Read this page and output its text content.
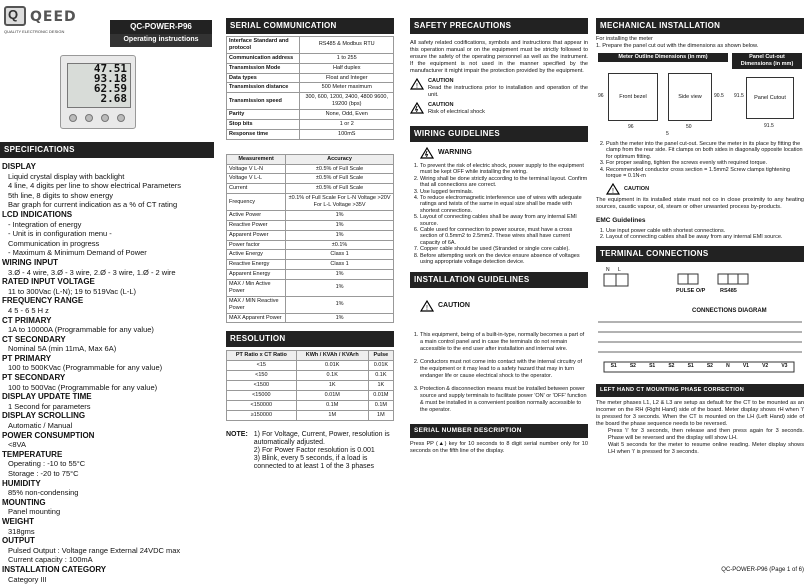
Q QEED
QUALITY ELECTRONIC DESIGN
QC-POWER-P96
Operating instructions
47.51
93.18
62.59
2.68
SPECIFICATIONS
DISPLAY
Liquid crystal display with backlight
4 line, 4 digits per line to show electrical Parameters
5th line, 8 digits to show energy
Bar graph for current indication as a % of CT rating
LCD INDICATIONS
- Integration of energy
- Unit is in configuration menu -
Communication in progress
- Maximum & Minimum Demand of Power
WIRING INPUT
3.Ø - 4 wire, 3.Ø - 3 wire, 2.Ø - 3 wire, 1.Ø - 2 wire
RATED INPUT VOLTAGE
11 to 300Vac (L-N); 19 to 519Vac (L-L)
FREQUENCY RANGE
4 5 - 6 5 H z
CT PRIMARY
1A to 10000A (Programmable for any value)
CT SECONDARY
Nominal 5A (min 11mA, Max 6A)
PT PRIMARY
100 to 500KVac (Programmable for any value)
PT SECONDARY
100 to 500Vac (Programmable for any value)
DISPLAY UPDATE TIME
1 Second for parameters
DISPLAY SCROLLING
Automatic / Manual
POWER CONSUMPTION
<8VA
TEMPERATURE
Operating : -10 to 55°C
Storage : -20 to 75°C
HUMIDITY
85% non-condensing
MOUNTING
Panel mounting
WEIGHT
318gms
OUTPUT
Pulsed Output : Voltage range External 24VDC max
Current capacity : 100mA
INSTALLATION CATEGORY
Category III
SERIAL COMMUNICATION
Interface Standard and protocol	RS485 & Modbus RTU
Communication address	1 to 255
Transmission Mode	Half duplex
Data types	Float and Integer
Transmission distance	500 Meter maximum
Transmission speed	300, 600, 1200, 2400, 4800 9600, 19200 (bps)
Parity	None, Odd, Even
Stop bits	1 or 2
Response time	100mS
Measurement	Accuracy
Voltage V L-N	±0.5% of Full Scale
Voltage V L-L	±0.5% of Full Scale
Current	±0.5% of Full Scale
Frequency	±0.1% of Full Scale For L-N Voltage >20V For L-L Voltage >35V
Active Power	1%
Reactive Power	1%
Apparent Power	1%
Power factor	±0.1%
Active Energy	Class 1
Reactive Energy	Class 1
Apparent Energy	1%
MAX / Min Active Power	1%
MAX / MIN Reactive Power	1%
MAX Apparent Power	1%
RESOLUTION
PT Ratio x CT Ratio	KWh / KVAh / KVArh	Pulse
<15	0.01K	0.01K
<150	0.1K	0.1K
<1500	1K	1K
<15000	0.01M	0.01M
<150000	0.1M	0.1M
≥150000	1M	1M
NOTE: 1) For Voltage, Current, Power, resolution is automatically adjusted.
2) For Power Factor resolution is 0.001
3) Blink, every 5 seconds, if a load is connected to at least 1 of the 3 phases
SAFETY PRECAUTIONS
All safety related codifications, symbols and instructions that appear in this operation manual or on the equipment must be strictly followed to ensure the safety of the operating personnel as well as the instrument. If the equipment is not used in the manner specified by the manufacturer it might impair the protection provided by the equipment.
!
CAUTION
Read the instructions prior to installation and operation of the unit.
CAUTION
Risk of electrical shock
WIRING GUIDELINES
WARNING
1. To prevent the risk of electric shock, power supply to the equipment must be kept OFF while installing the wiring.
2. Wiring shall be done strictly according to the terminal layout. Confirm that all connections are correct.
3. Use lugged terminals.
4. To reduce electromagnetic interference use of wires with adequate ratings and twists of the same in equal size shall be made with shortest connections.
5. Layout of connecting cables shall be away from any internal EMI source.
6. Cable used for connection to power source, must have a cross section of 0.5mm2 to 2.5mm2. These wires shall have current capacity of 6A.
7. Copper cable should be used (Stranded or single core cable).
8. Before attempting work on the device ensure absence of voltages using appropriate voltage detection device.
INSTALLATION GUIDELINES
! CAUTION
1. This equipment, being of a built-in-type, normally becomes a part of a main control panel and in case the terminals do not remain accessible to the end user after installation and internal wire.
2. Conductors must not come into contact with the internal circuitry of the equipment or it may lead to a safety hazard that may in turn endanger life or cause electrical shock to the operator.
3. Protection & disconnection means must be installed between power source and supply terminals to facilitate power 'ON' or 'OFF' function & must be installed in a convenient position normally accessible to the operator.
SERIAL NUMBER DESCRIPTION
Press PP (▲) key for 10 seconds to 8 digit serial number only for 10 seconds on the fifth line of the display.
MECHANICAL INSTALLATION
For installing the meter
1. Prepare the panel cut out with the dimensions as shown below.
Meter Outline Dimensions (in mm)	Panel Cut-out Dimensions (in mm)
Front bezel	Side view	Panel Cutout
96	50
5
90.5
91.5
96	91.5
2. Push the meter into the panel cut-out. Secure the meter in its place by fitting the clamp from the rear side. Fit clamps on both sides in diagonally opposite location for optimum fitting.
3. For proper sealing, tighten the screws evenly with required torque.
4. Recommended conductor cross section = 1.5mm2 Screw clamps tightening torque = 0.1N-m
! CAUTION
The equipment in its installed state must not co in close proximity to any heating sources, caustic vapour, oil, steam or other unwanted process by-products.
EMC Guidelines
1. Use input power cable with shortest connections.
2. Layout of connecting cables shall be away from any internal EMI source.
TERMINAL CONNECTIONS
N L
PULSE O/P	RS485
CONNECTIONS DIAGRAM
S1	S2	S1	S2	S1	S2	N	V1	V2	V3
LEFT HAND CT MOUNTING PHASE CORRECTION
The meter phases L1, L2 & L3 are setup as default for the CT to be mounted as an incomer on the RH (Right Hand) side of the board. Meter display shows rH when 'i' is pressed for 3 seconds. When the CT is mounted on the LH (Left Hand) side of the board the phase sequence needs to be reversed.
Press 'i' for 3 seconds, then release and then press again for 3 seconds. Phase will be reversed and the display will show LH.
Wait 5 seconds for the meter to resume online reading. Meter display shows LH when 'i' is pressed for 3 seconds.
QC-POWER-P96 (Page 1 of 6)
